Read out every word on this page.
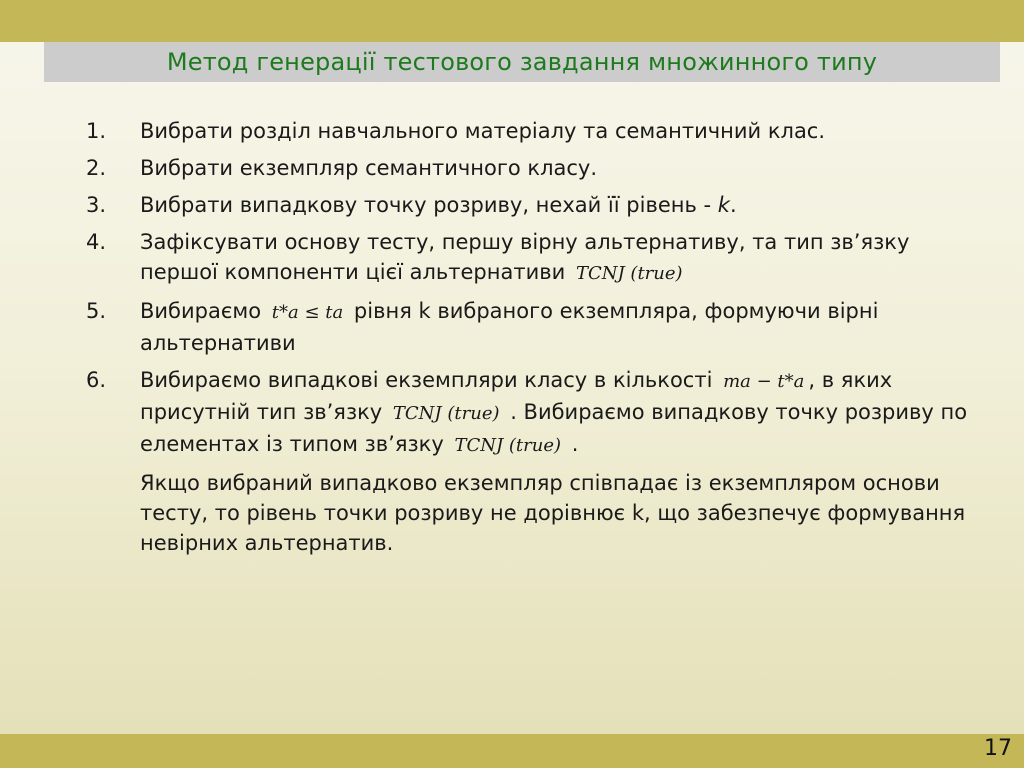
Метод генерації тестового завдання множинного типу
1.	Вибрати розділ навчального матеріалу та семантичний клас.
2.	Вибрати екземпляр семантичного класу.
3.	Вибрати випадкову точку розриву, нехай її рівень - k.
4.	Зафіксувати основу тесту, першу вірну альтернативу, та тип зв’язку першої компоненти цієї альтернативи TCNJ (true)
5.	Вибираємо t*a ≤ ta рівня k вибраного екземпляра, формуючи вірні альтернативи
6.	Вибираємо випадкові екземпляри класу в кількості ma − t*a , в яких присутній тип зв’язку TCNJ (true) . Вибираємо випадкову точку розриву по елементах із типом зв’язку TCNJ (true) .
Якщо вибраний випадково екземпляр співпадає із екземпляром основи тесту, то рівень точки розриву не дорівнює k, що забезпечує формування невірних альтернатив.
17
